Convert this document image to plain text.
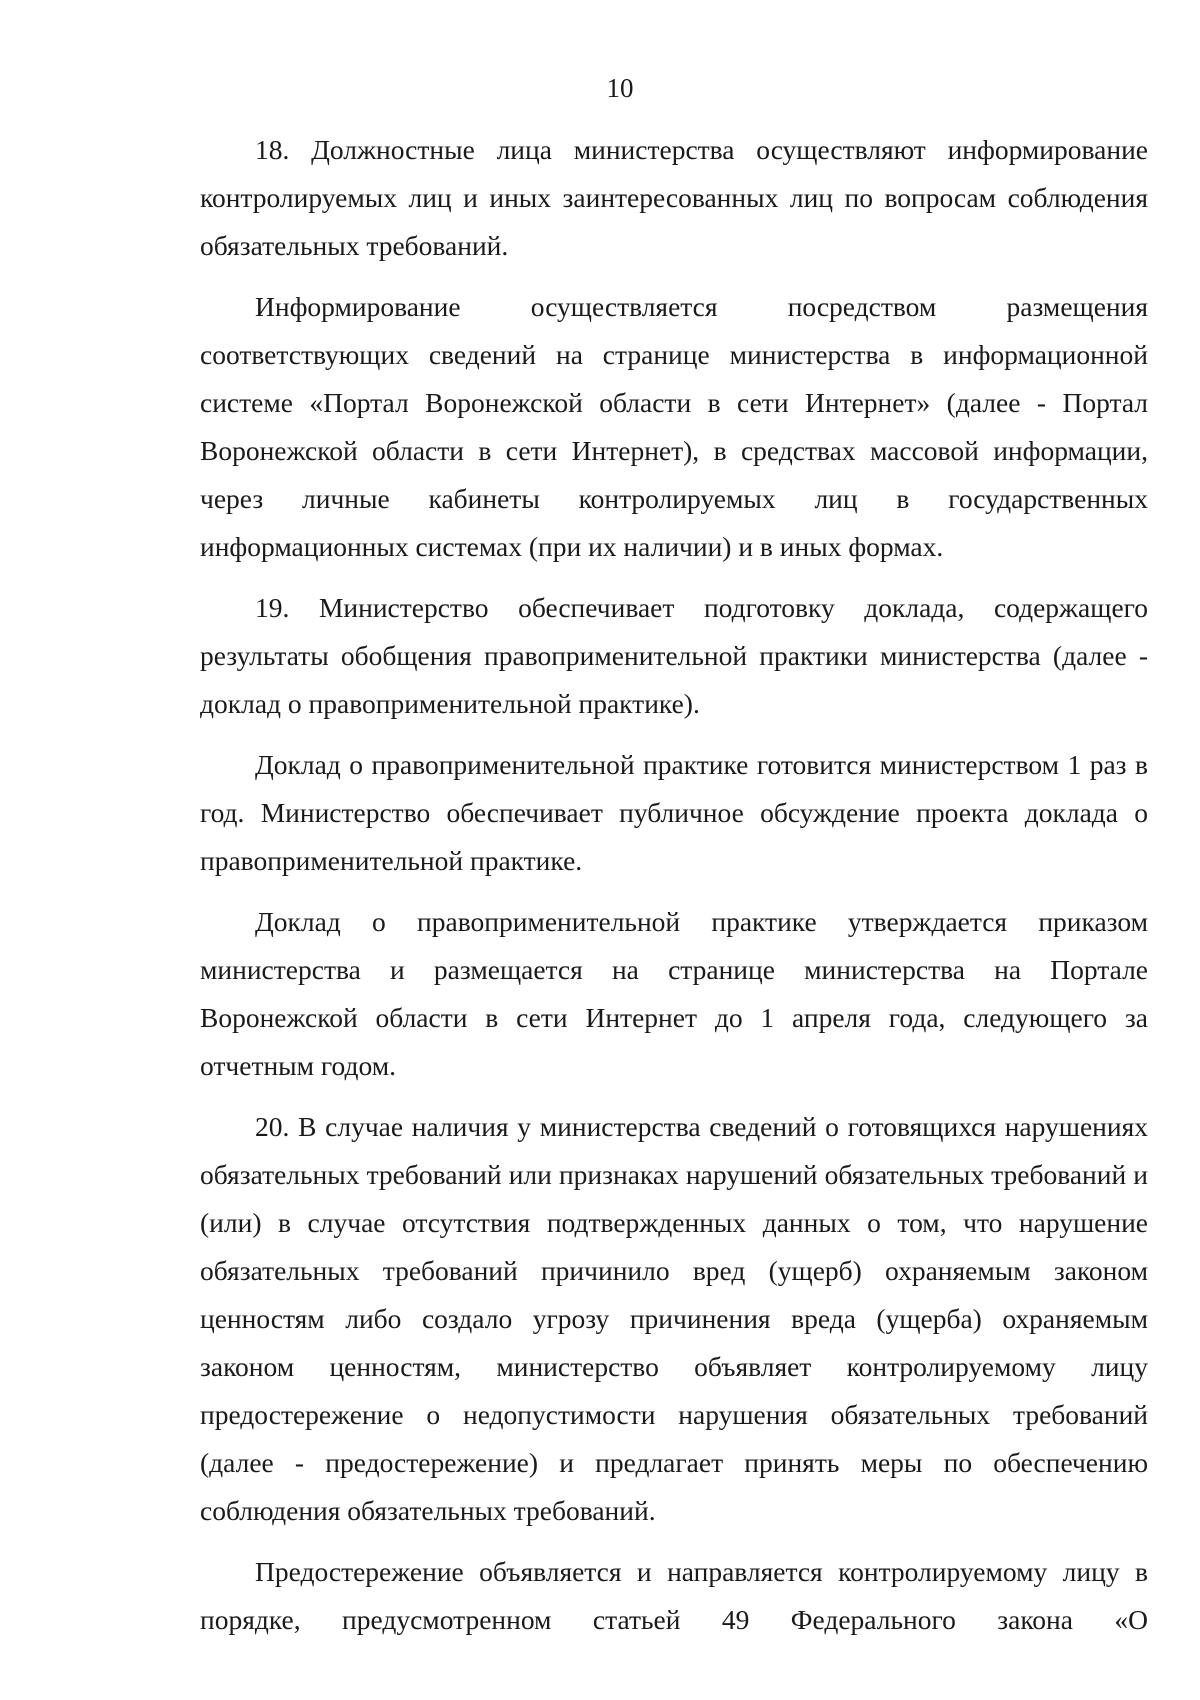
10

18. Должностные лица министерства осуществляют информирование контролируемых лиц и иных заинтересованных лиц по вопросам соблюдения обязательных требований.

Информирование осуществляется посредством размещения соответствующих сведений на странице министерства в информационной системе «Портал Воронежской области в сети Интернет» (далее - Портал Воронежской области в сети Интернет), в средствах массовой информации, через личные кабинеты контролируемых лиц в государственных информационных системах (при их наличии) и в иных формах.

19. Министерство обеспечивает подготовку доклада, содержащего результаты обобщения правоприменительной практики министерства (далее - доклад о правоприменительной практике).

Доклад о правоприменительной практике готовится министерством 1 раз в год. Министерство обеспечивает публичное обсуждение проекта доклада о правоприменительной практике.

Доклад о правоприменительной практике утверждается приказом министерства и размещается на странице министерства на Портале Воронежской области в сети Интернет до 1 апреля года, следующего за отчетным годом.

20. В случае наличия у министерства сведений о готовящихся нарушениях обязательных требований или признаках нарушений обязательных требований и (или) в случае отсутствия подтвержденных данных о том, что нарушение обязательных требований причинило вред (ущерб) охраняемым законом ценностям либо создало угрозу причинения вреда (ущерба) охраняемым законом ценностям, министерство объявляет контролируемому лицу предостережение о недопустимости нарушения обязательных требований (далее - предостережение) и предлагает принять меры по обеспечению соблюдения обязательных требований.

Предостережение объявляется и направляется контролируемому лицу в порядке, предусмотренном статьей 49 Федерального закона «О
